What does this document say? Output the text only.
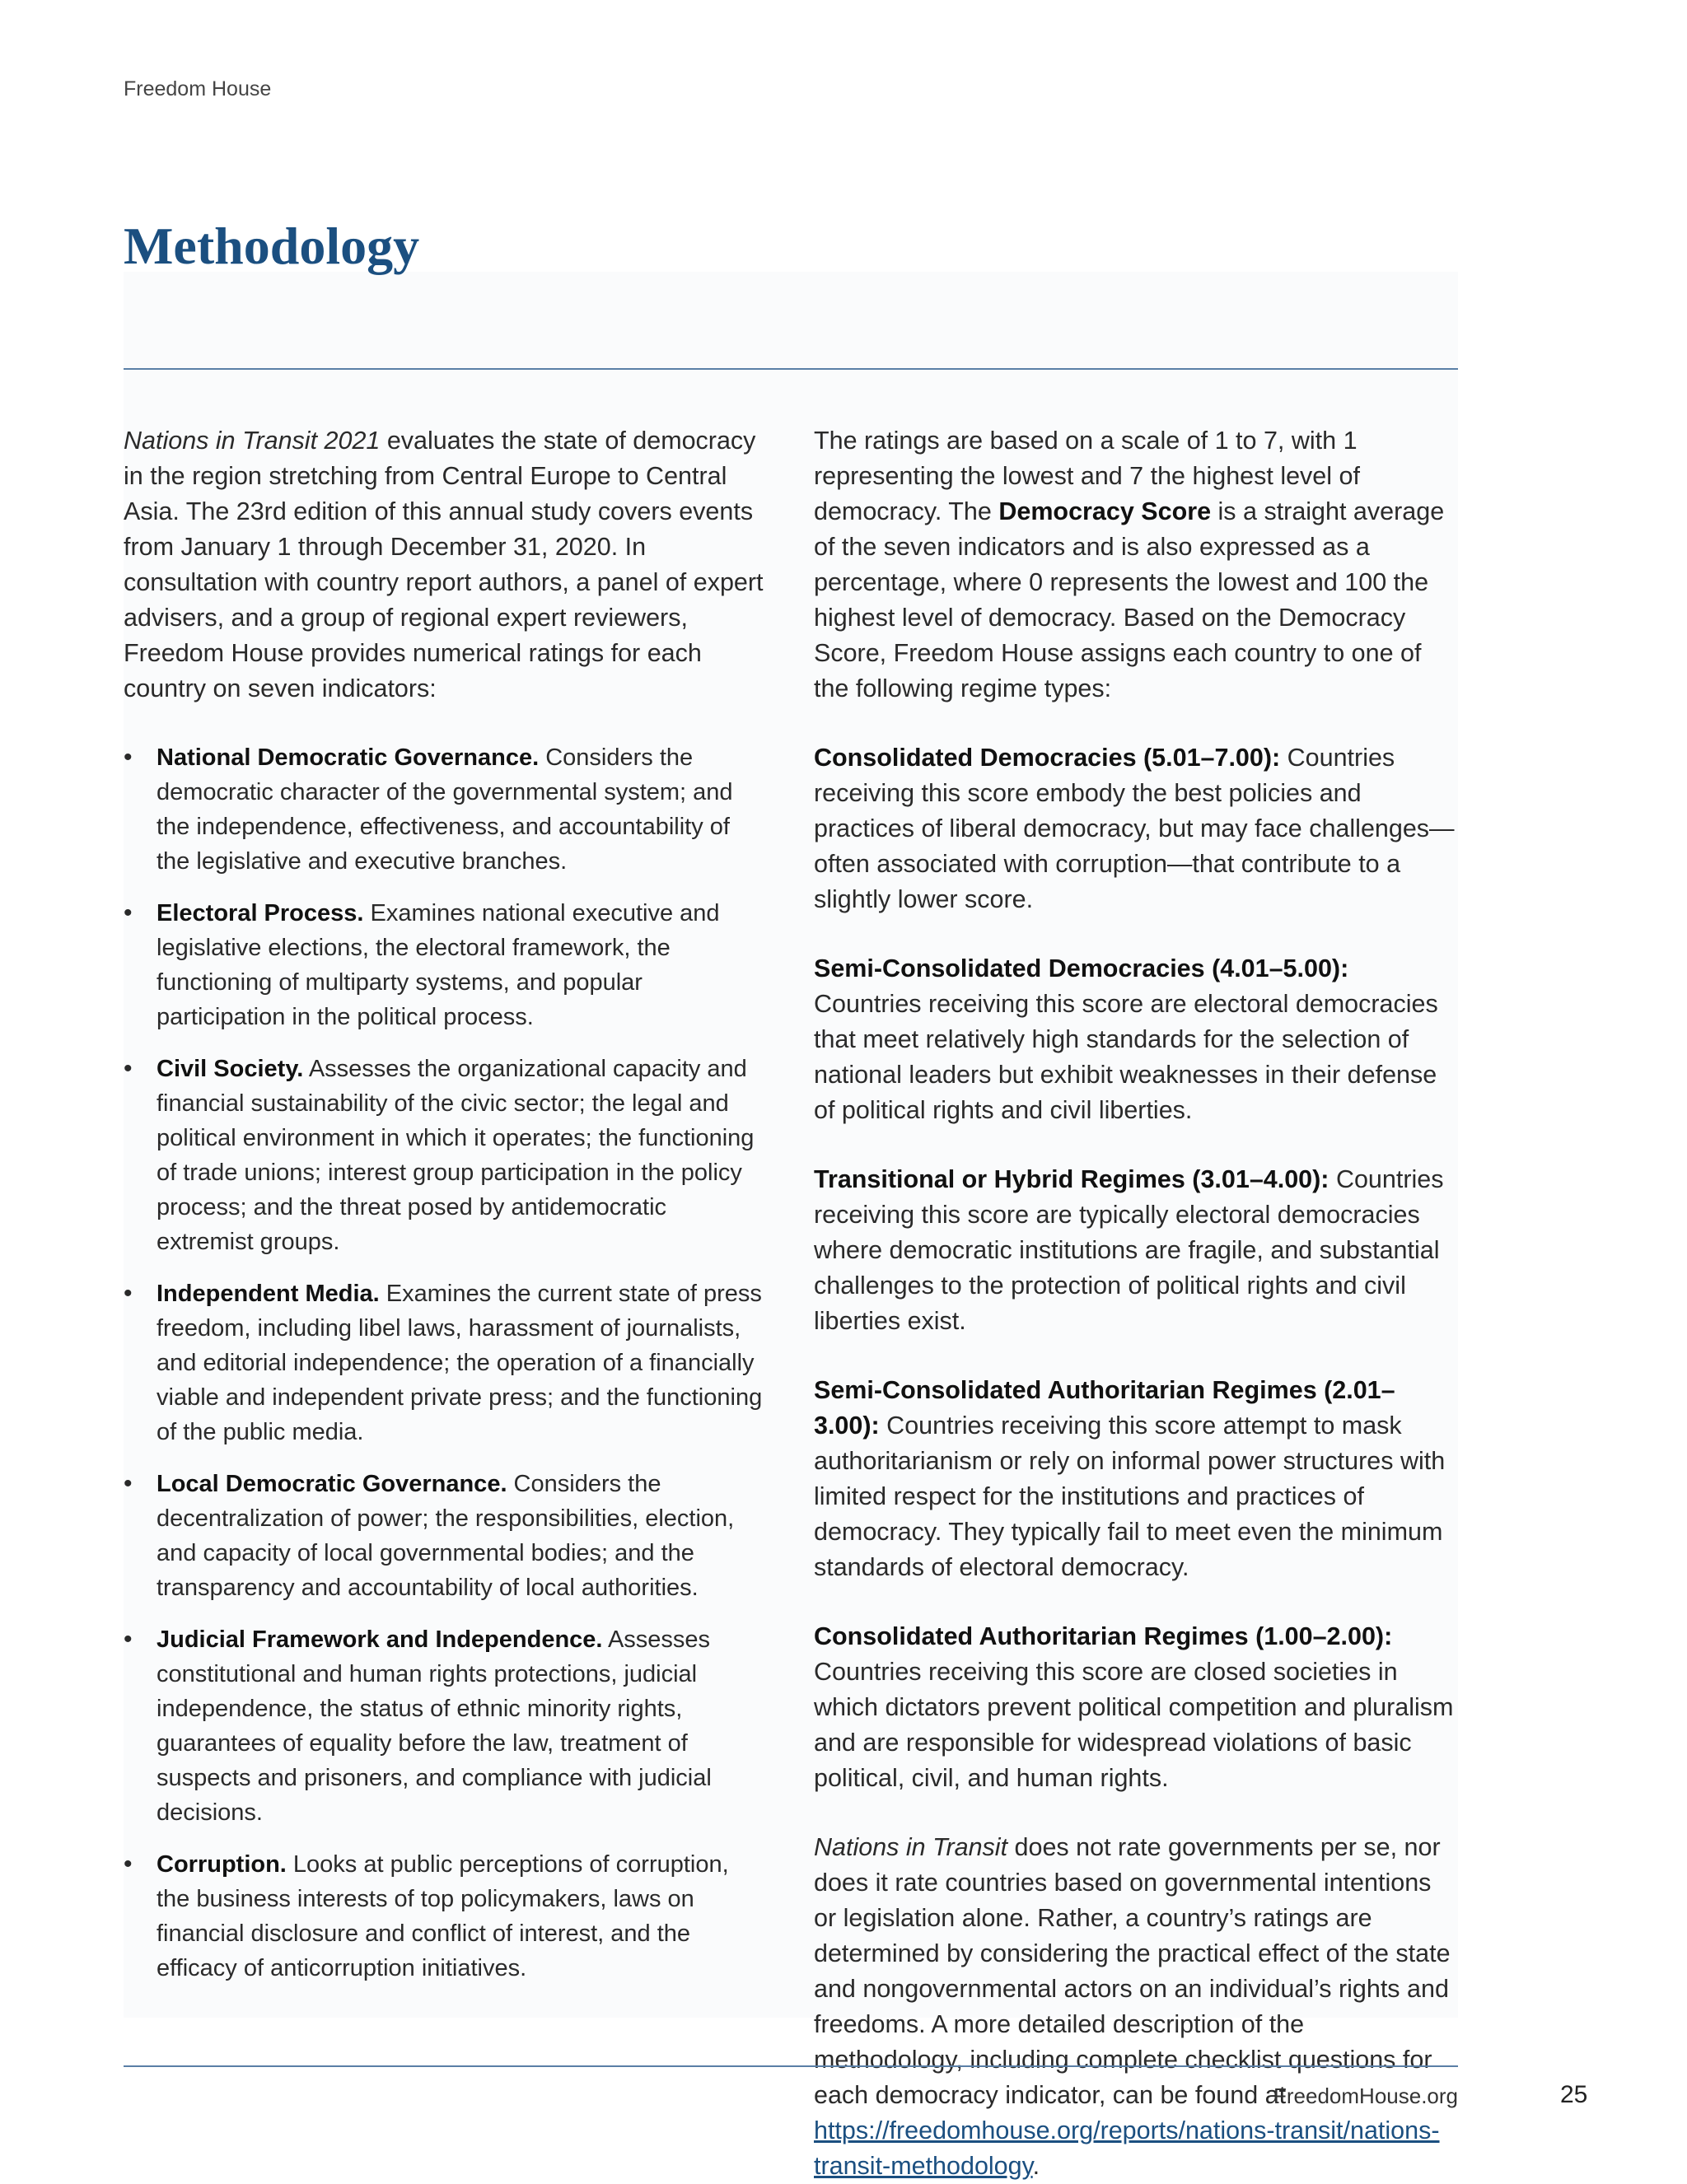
Freedom House
Methodology

Nations in Transit 2021 evaluates the state of democracy in the region stretching from Central Europe to Central Asia. The 23rd edition of this annual study covers events from January 1 through December 31, 2020. In consultation with country report authors, a panel of expert advisers, and a group of regional expert reviewers, Freedom House provides numerical ratings for each country on seven indicators:

• National Democratic Governance. Considers the democratic character of the governmental system; and the independence, effectiveness, and accountability of the legislative and executive branches.
• Electoral Process. Examines national executive and legislative elections, the electoral framework, the functioning of multiparty systems, and popular participation in the political process.
• Civil Society. Assesses the organizational capacity and financial sustainability of the civic sector; the legal and political environment in which it operates; the functioning of trade unions; interest group participation in the policy process; and the threat posed by antidemocratic extremist groups.
• Independent Media. Examines the current state of press freedom, including libel laws, harassment of journalists, and editorial independence; the operation of a financially viable and independent private press; and the functioning of the public media.
• Local Democratic Governance. Considers the decentralization of power; the responsibilities, election, and capacity of local governmental bodies; and the transparency and accountability of local authorities.
• Judicial Framework and Independence. Assesses constitutional and human rights protections, judicial independence, the status of ethnic minority rights, guarantees of equality before the law, treatment of suspects and prisoners, and compliance with judicial decisions.
• Corruption. Looks at public perceptions of corruption, the business interests of top policymakers, laws on financial disclosure and conflict of interest, and the efficacy of anticorruption initiatives.

The ratings are based on a scale of 1 to 7, with 1 representing the lowest and 7 the highest level of democracy. The Democracy Score is a straight average of the seven indicators and is also expressed as a percentage, where 0 represents the lowest and 100 the highest level of democracy. Based on the Democracy Score, Freedom House assigns each country to one of the following regime types:

Consolidated Democracies (5.01–7.00): Countries receiving this score embody the best policies and practices of liberal democracy, but may face challenges—often associated with corruption—that contribute to a slightly lower score.

Semi-Consolidated Democracies (4.01–5.00): Countries receiving this score are electoral democracies that meet relatively high standards for the selection of national leaders but exhibit weaknesses in their defense of political rights and civil liberties.

Transitional or Hybrid Regimes (3.01–4.00): Countries receiving this score are typically electoral democracies where democratic institutions are fragile, and substantial challenges to the protection of political rights and civil liberties exist.

Semi-Consolidated Authoritarian Regimes (2.01–3.00): Countries receiving this score attempt to mask authoritarianism or rely on informal power structures with limited respect for the institutions and practices of democracy. They typically fail to meet even the minimum standards of electoral democracy.

Consolidated Authoritarian Regimes (1.00–2.00): Countries receiving this score are closed societies in which dictators prevent political competition and pluralism and are responsible for widespread violations of basic political, civil, and human rights.

Nations in Transit does not rate governments per se, nor does it rate countries based on governmental intentions or legislation alone. Rather, a country’s ratings are determined by considering the practical effect of the state and nongovernmental actors on an individual’s rights and freedoms. A more detailed description of the methodology, including complete checklist questions for each democracy indicator, can be found at https://freedomhouse.org/reports/nations-transit/nations-transit-methodology.

FreedomHouse.org	25
